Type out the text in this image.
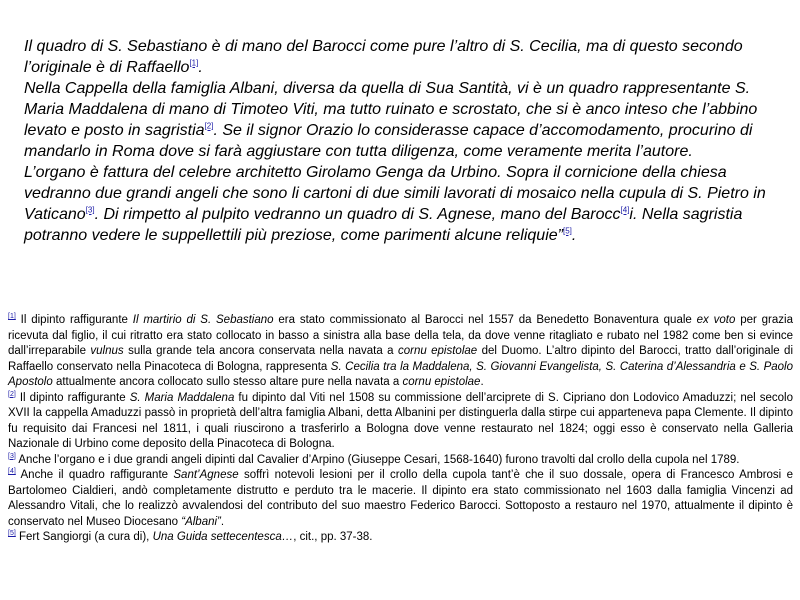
Il quadro di S. Sebastiano è di mano del Barocci come pure l’altro di S. Cecilia, ma di questo secondo l’originale è di Raffaello[1].

Nella Cappella della famiglia Albani, diversa da quella di Sua Santità, vi è un quadro rappresentante S. Maria Maddalena di mano di Timoteo Viti, ma tutto ruinato e scrostato, che si è anco inteso che l’abbino levato e posto in sagristia[2]. Se il signor Orazio lo considerasse capace d’accomodamento, procurino di mandarlo in Roma dove si farà aggiustare con tutta diligenza, come veramente merita l’autore.

L’organo è fattura del celebre architetto Girolamo Genga da Urbino. Sopra il cornicione della chiesa vedranno due grandi angeli che sono li cartoni di due simili lavorati di mosaico nella cupula di S. Pietro in Vaticano[3]. Di rimpetto al pulpito vedranno un quadro di S. Agnese, mano del Barocc[4]i. Nella sagristia potranno vedere le suppellettili più preziose, come parimenti alcune reliquie”[5].

[1] Il dipinto raffigurante Il martirio di S. Sebastiano era stato commissionato al Barocci nel 1557 da Benedetto Bonaventura quale ex voto per grazia ricevuta dal figlio, il cui ritratto era stato collocato in basso a sinistra alla base della tela, da dove venne ritagliato e rubato nel 1982 come ben si evince dall’irreparabile vulnus sulla grande tela ancora conservata nella navata a cornu epistolae del Duomo. L’altro dipinto del Barocci, tratto dall’originale di Raffaello conservato nella Pinacoteca di Bologna, rappresenta S. Cecilia tra la Maddalena, S. Giovanni Evangelista, S. Caterina d’Alessandria e S. Paolo Apostolo attualmente ancora collocato sullo stesso altare pure nella navata a cornu epistolae.

[2] Il dipinto raffigurante S. Maria Maddalena fu dipinto dal Viti nel 1508 su commissione dell’arciprete di S. Cipriano don Lodovico Amaduzzi; nel secolo XVII la cappella Amaduzzi passò in proprietà dell’altra famiglia Albani, detta Albanini per distinguerla dalla stirpe cui apparteneva papa Clemente. Il dipinto fu requisito dai Francesi nel 1811, i quali riuscirono a trasferirlo a Bologna dove venne restaurato nel 1824; oggi esso è conservato nella Galleria Nazionale di Urbino come deposito della Pinacoteca di Bologna.

[3] Anche l’organo e i due grandi angeli dipinti dal Cavalier d’Arpino (Giuseppe Cesari, 1568-1640) furono travolti dal crollo della cupola nel 1789.

[4] Anche il quadro raffigurante Sant’Agnese soffrì notevoli lesioni per il crollo della cupola tant’è che il suo dossale, opera di Francesco Ambrosi e Bartolomeo Cialdieri, andò completamente distrutto e perduto tra le macerie. Il dipinto era stato commissionato nel 1603 dalla famiglia Vincenzi ad Alessandro Vitali, che lo realizzò avvalendosi del contributo del suo maestro Federico Barocci. Sottoposto a restauro nel 1970, attualmente il dipinto è conservato nel Museo Diocesano “Albani”.

[5] Fert Sangiorgi (a cura di), Una Guida settecentesca…, cit., pp. 37-38.
